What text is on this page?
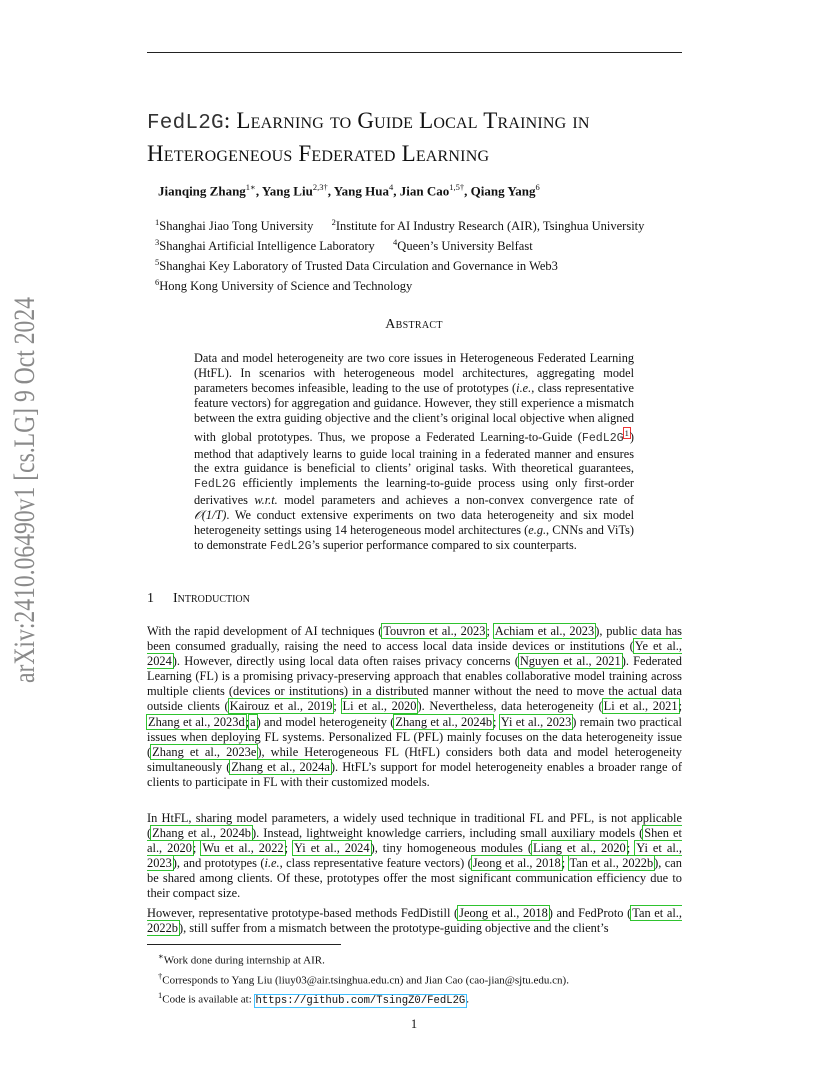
arXiv:2410.06490v1 [cs.LG] 9 Oct 2024
FedL2G: Learning to Guide Local Training in
Heterogeneous Federated Learning
Jianqing Zhang$^{1∗}$, Yang Liu$^{2,3\dagger}$, Yang Hua$^4$, Jian Cao$^{1,5\dagger}$, Qiang Yang$^6$
$^1$Shanghai Jiao Tong University $^2$Institute for AI Industry Research (AIR), Tsinghua University
$^3$Shanghai Artificial Intelligence Laboratory $^4$Queen’s University Belfast
$^5$Shanghai Key Laboratory of Trusted Data Circulation and Governance in Web3
$^6$Hong Kong University of Science and Technology
Abstract
Data and model heterogeneity are two core issues in Heterogeneous Federated Learning (HtFL). In scenarios with heterogeneous model architectures, aggregating model parameters becomes infeasible, leading to the use of prototypes (i.e., class representative feature vectors) for aggregation and guidance. However, they still experience a mismatch between the extra guiding objective and the client’s original local objective when aligned with global prototypes. Thus, we propose a Federated Learning-to-Guide (FedL2G$^1$) method that adaptively learns to guide local training in a federated manner and ensures the extra guidance is beneficial to clients’ original tasks. With theoretical guarantees, FedL2G efficiently implements the learning-to-guide process using only first-order derivatives w.r.t. model parameters and achieves a non-convex convergence rate of 𝒪(1/T). We conduct extensive experiments on two data heterogeneity and six model heterogeneity settings using 14 heterogeneous model architectures (e.g., CNNs and ViTs) to demonstrate FedL2G’s superior performance compared to six counterparts.
1 Introduction
With the rapid development of AI techniques (Touvron et al., 2023; Achiam et al., 2023), public data has been consumed gradually, raising the need to access local data inside devices or institutions (Ye et al., 2024). However, directly using local data often raises privacy concerns (Nguyen et al., 2021). Federated Learning (FL) is a promising privacy-preserving approach that enables collaborative model training across multiple clients (devices or institutions) in a distributed manner without the need to move the actual data outside clients (Kairouz et al., 2019; Li et al., 2020). Nevertheless, data heterogeneity (Li et al., 2021; Zhang et al., 2023d;a) and model heterogeneity (Zhang et al., 2024b; Yi et al., 2023) remain two practical issues when deploying FL systems. Personalized FL (PFL) mainly focuses on the data heterogeneity issue (Zhang et al., 2023e), while Heterogeneous FL (HtFL) considers both data and model heterogeneity simultaneously (Zhang et al., 2024a). HtFL’s support for model heterogeneity enables a broader range of clients to participate in FL with their customized models.
In HtFL, sharing model parameters, a widely used technique in traditional FL and PFL, is not applicable (Zhang et al., 2024b). Instead, lightweight knowledge carriers, including small auxiliary models (Shen et al., 2020; Wu et al., 2022; Yi et al., 2024), tiny homogeneous modules (Liang et al., 2020; Yi et al., 2023), and prototypes (i.e., class representative feature vectors) (Jeong et al., 2018; Tan et al., 2022b), can be shared among clients. Of these, prototypes offer the most significant communication efficiency due to their compact size.
However, representative prototype-based methods FedDistill (Jeong et al., 2018) and FedProto (Tan et al., 2022b), still suffer from a mismatch between the prototype-guiding objective and the client’s
∗Work done during internship at AIR.
†Corresponds to Yang Liu (liuy03@air.tsinghua.edu.cn) and Jian Cao (cao-jian@sjtu.edu.cn).
$^1$Code is available at: https://github.com/TsingZ0/FedL2G.
1
